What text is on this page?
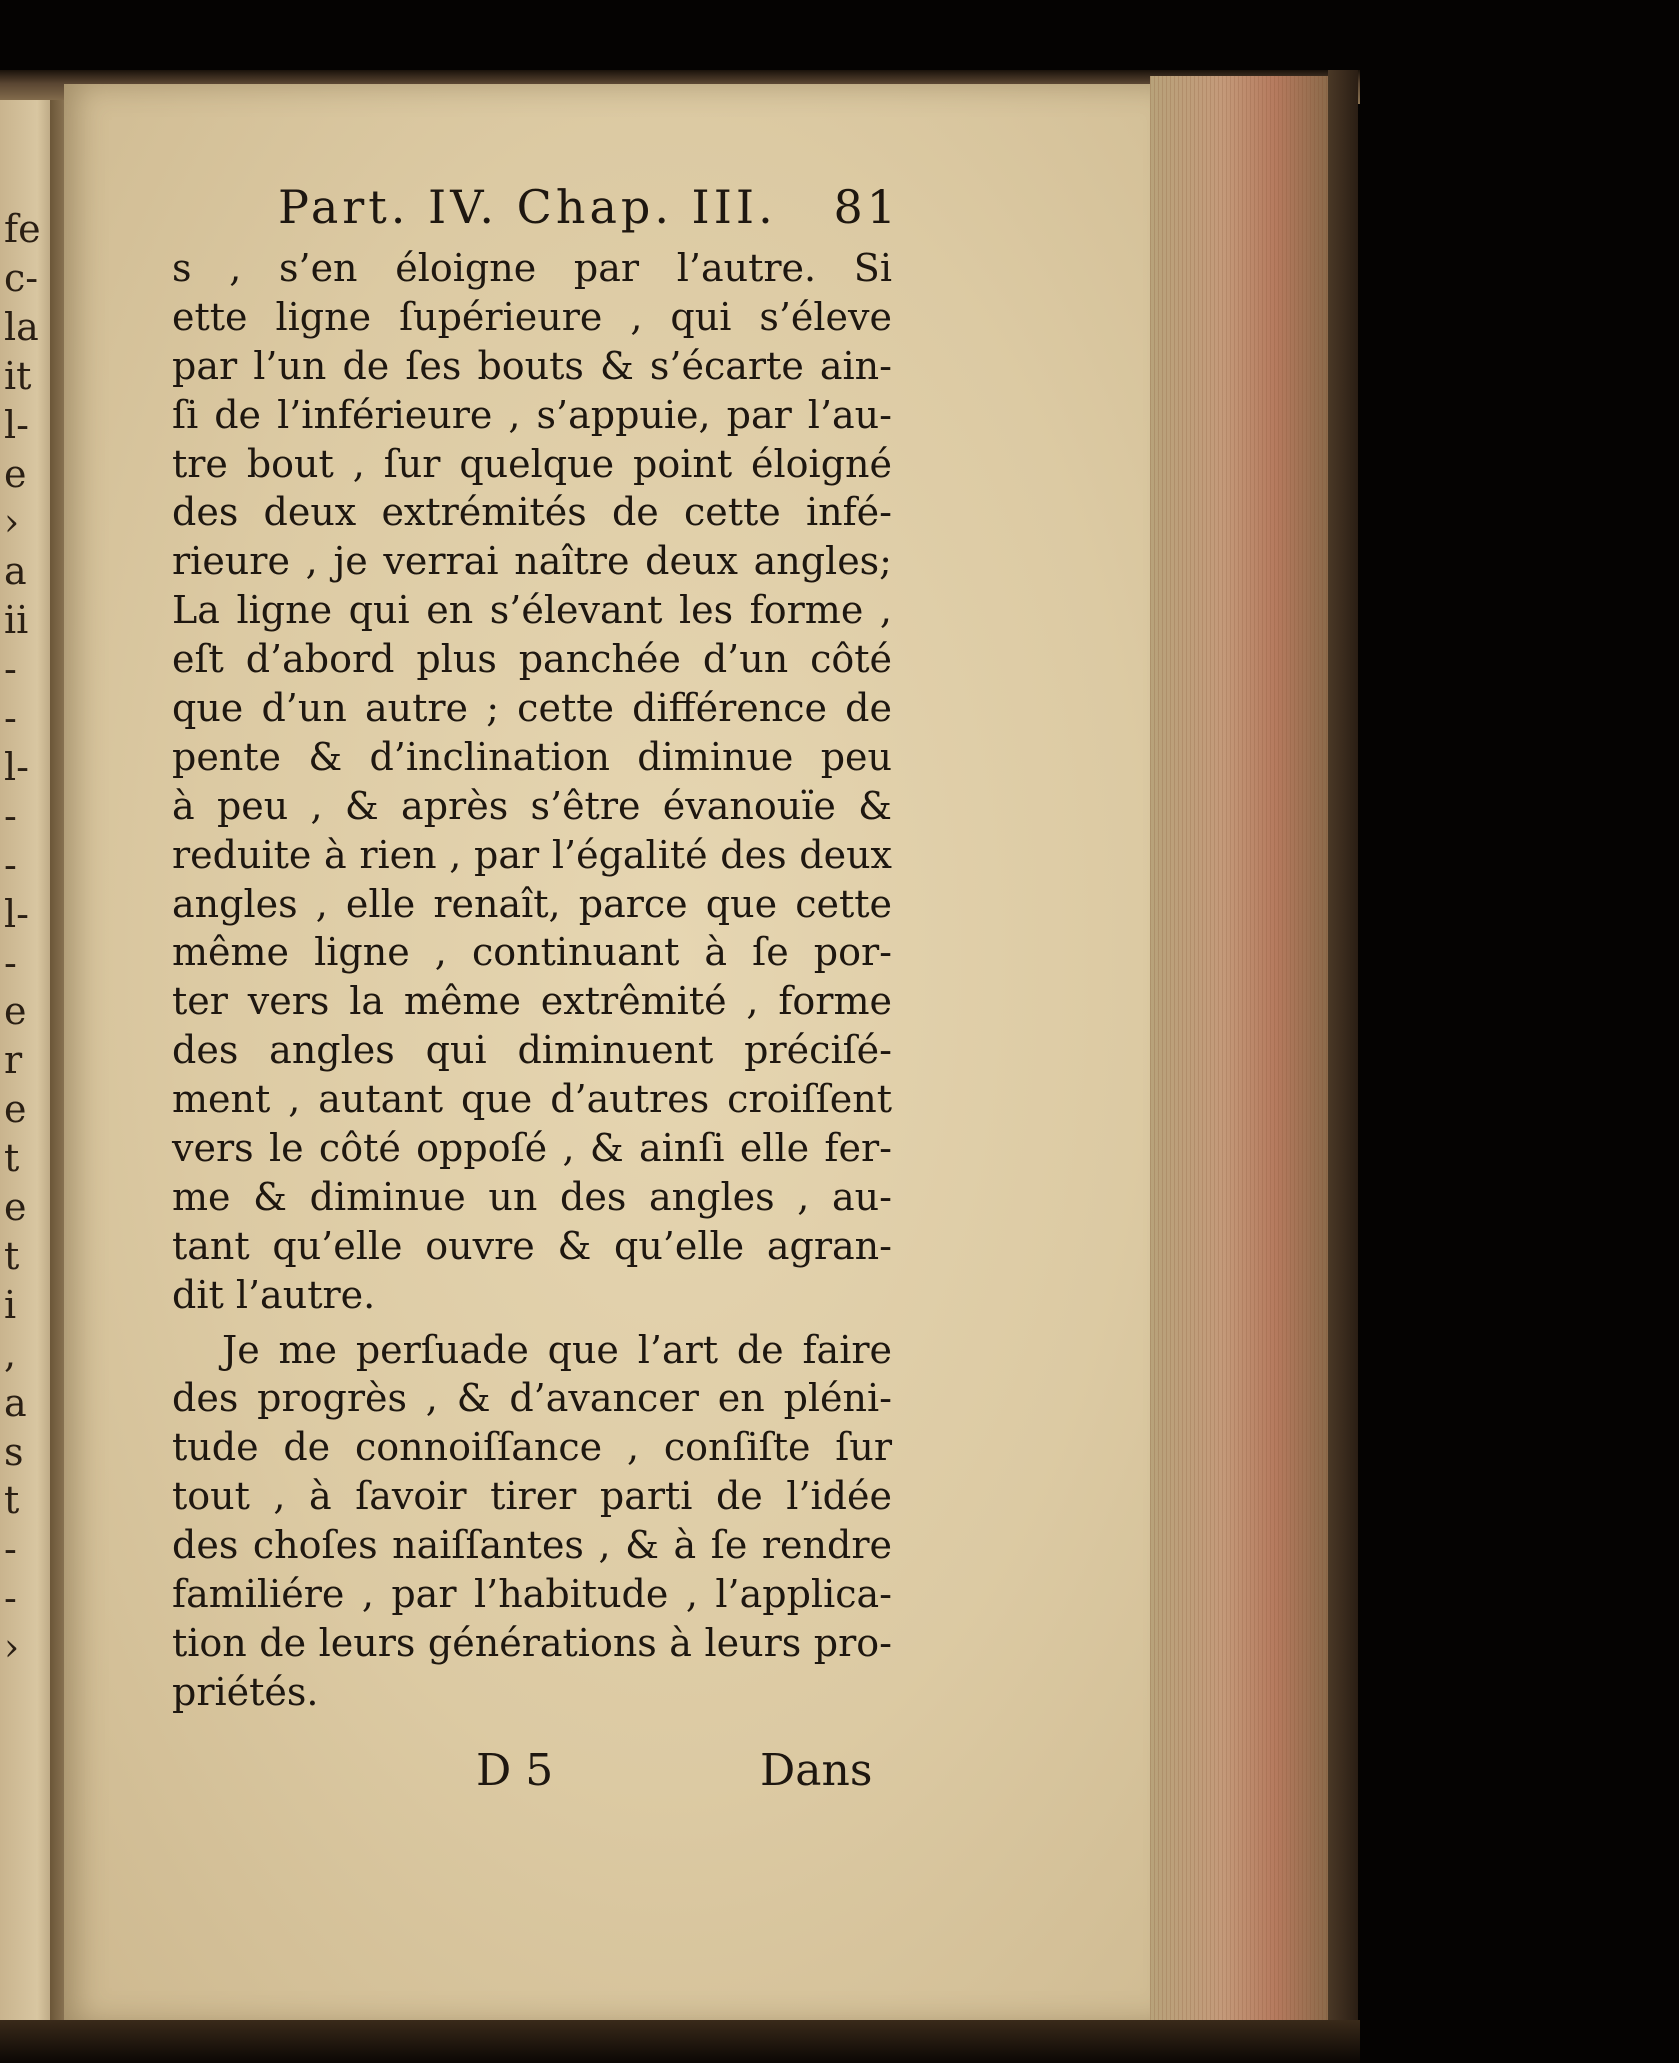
fe
c-
la
it
l-
e
›
a
ii
-
-
l-
-
-
l-
-
e
r
e
t
e
t
i
,
a
s
t
-
-
›
Part. IV. Chap. III. 81
s , s’en éloigne par l’autre. Si
ette ligne ſupérieure , qui s’éleve
par l’un de ſes bouts & s’écarte ain-
ſi de l’inférieure , s’appuie, par l’au-
tre bout , ſur quelque point éloigné
des deux extrémités de cette infé-
rieure , je verrai naître deux angles;
La ligne qui en s’élevant les forme ,
eſt d’abord plus panchée d’un côté
que d’un autre ; cette différence de
pente & d’inclination diminue peu
à peu , & après s’être évanouïe &
reduite à rien , par l’égalité des deux
angles , elle renaît, parce que cette
même ligne , continuant à ſe por-
ter vers la même extrêmité , forme
des angles qui diminuent préciſé-
ment , autant que d’autres croiſſent
vers le côté oppoſé , & ainſi elle fer-
me & diminue un des angles , au-
tant qu’elle ouvre & qu’elle agran-
dit l’autre.
Je me perſuade que l’art de faire
des progrès , & d’avancer en pléni-
tude de connoiſſance , conſiſte ſur
tout , à ſavoir tirer parti de l’idée
des choſes naiſſantes , & à ſe rendre
familiére , par l’habitude , l’applica-
tion de leurs générations à leurs pro-
priétés.
D 5	Dans
